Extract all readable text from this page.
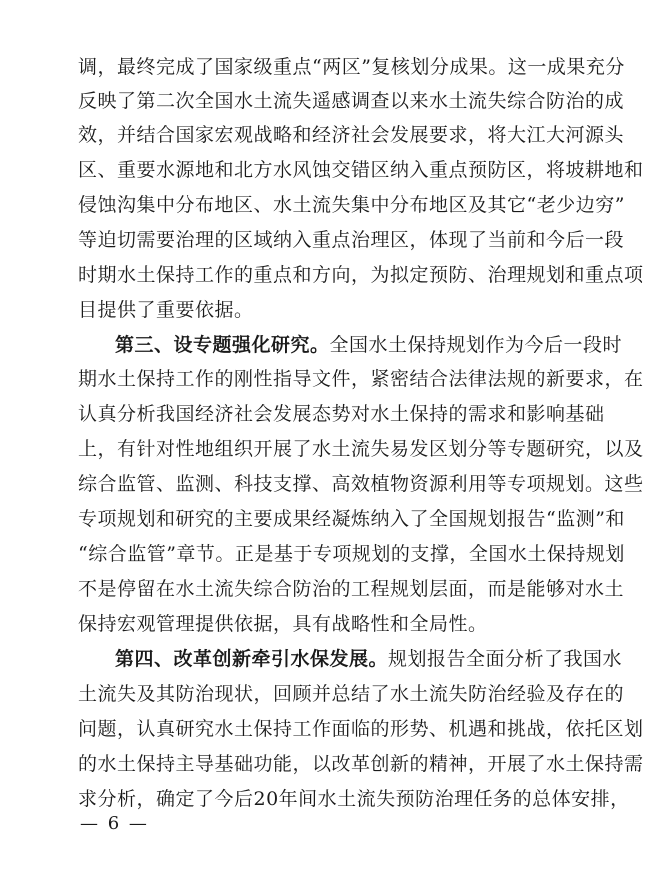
调，最终完成了国家级重点“两区”复核划分成果。这一成果充分
反映了第二次全国水土流失遥感调查以来水土流失综合防治的成
效，并结合国家宏观战略和经济社会发展要求，将大江大河源头
区、重要水源地和北方水风蚀交错区纳入重点预防区，将坡耕地和
侵蚀沟集中分布地区、水土流失集中分布地区及其它“老少边穷”
等迫切需要治理的区域纳入重点治理区，体现了当前和今后一段
时期水土保持工作的重点和方向，为拟定预防、治理规划和重点项
目提供了重要依据。
第三、设专题强化研究。全国水土保持规划作为今后一段时
期水土保持工作的刚性指导文件，紧密结合法律法规的新要求，在
认真分析我国经济社会发展态势对水土保持的需求和影响基础
上，有针对性地组织开展了水土流失易发区划分等专题研究，以及
综合监管、监测、科技支撑、高效植物资源利用等专项规划。这些
专项规划和研究的主要成果经凝炼纳入了全国规划报告“监测”和
“综合监管”章节。正是基于专项规划的支撑，全国水土保持规划
不是停留在水土流失综合防治的工程规划层面，而是能够对水土
保持宏观管理提供依据，具有战略性和全局性。
第四、改革创新牵引水保发展。规划报告全面分析了我国水
土流失及其防治现状，回顾并总结了水土流失防治经验及存在的
问题，认真研究水土保持工作面临的形势、机遇和挑战，依托区划
的水土保持主导基础功能，以改革创新的精神，开展了水土保持需
求分析，确定了今后20年间水土流失预防治理任务的总体安排，
— 6 —
